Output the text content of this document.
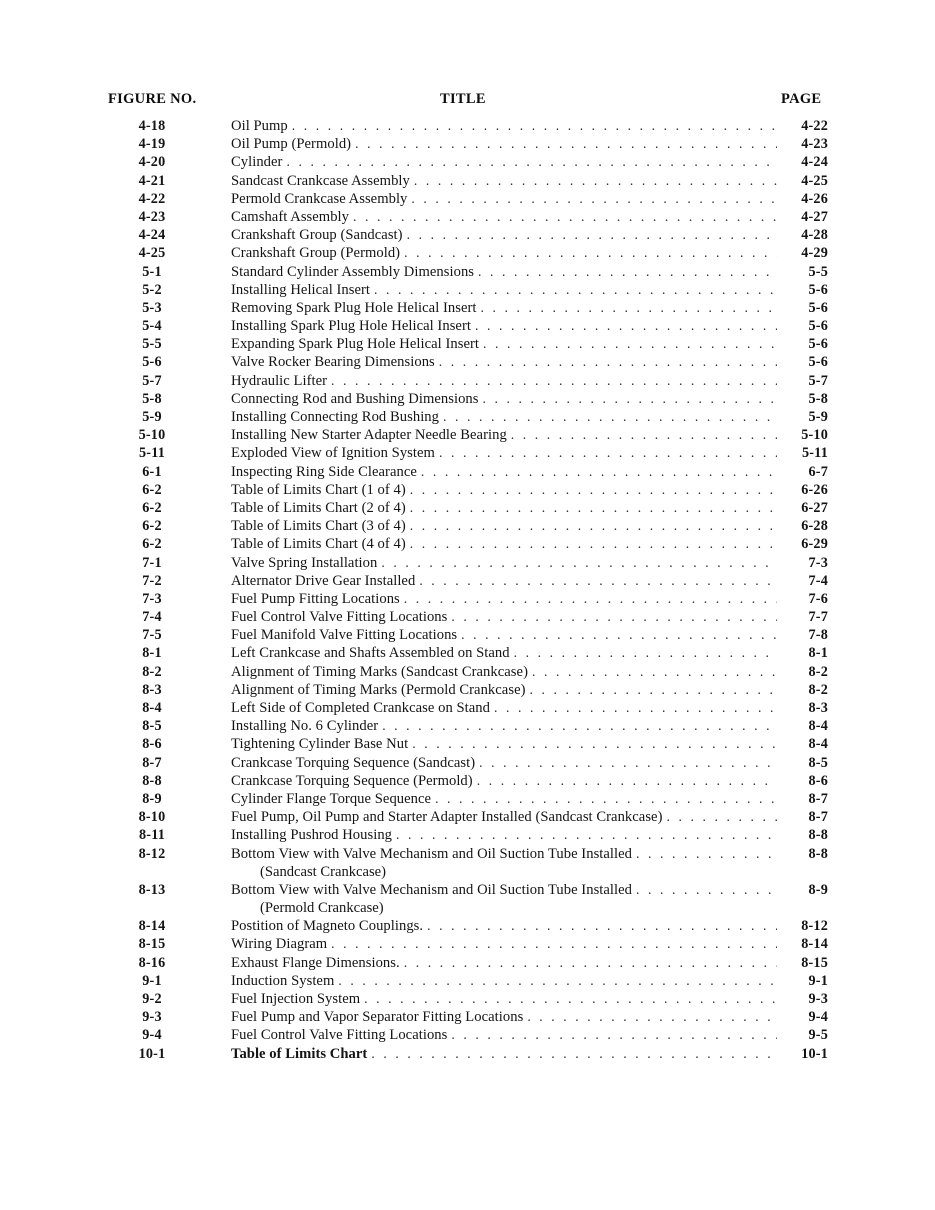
FIGURE NO.	TITLE	PAGE
4-18	Oil Pump . . .	4-22
4-19	Oil Pump (Permold) . . .	4-23
4-20	Cylinder . . .	4-24
4-21	Sandcast Crankcase Assembly . . .	4-25
4-22	Permold Crankcase Assembly . . .	4-26
4-23	Camshaft Assembly . . .	4-27
4-24	Crankshaft Group (Sandcast) . . .	4-28
4-25	Crankshaft Group (Permold) . . .	4-29
5-1	Standard Cylinder Assembly Dimensions . . .	5-5
5-2	Installing Helical Insert . . .	5-6
5-3	Removing Spark Plug Hole Helical Insert . . .	5-6
5-4	Installing Spark Plug Hole Helical Insert . . .	5-6
5-5	Expanding Spark Plug Hole Helical Insert . . .	5-6
5-6	Valve Rocker Bearing Dimensions . . .	5-6
5-7	Hydraulic Lifter . . .	5-7
5-8	Connecting Rod and Bushing Dimensions . . .	5-8
5-9	Installing Connecting Rod Bushing . . .	5-9
5-10	Installing New Starter Adapter Needle Bearing . . .	5-10
5-11	Exploded View of Ignition System . . .	5-11
6-1	Inspecting Ring Side Clearance . . .	6-7
6-2	Table of Limits Chart (1 of 4) . . .	6-26
6-2	Table of Limits Chart (2 of 4) . . .	6-27
6-2	Table of Limits Chart (3 of 4) . . .	6-28
6-2	Table of Limits Chart (4 of 4) . . .	6-29
7-1	Valve Spring Installation . . .	7-3
7-2	Alternator Drive Gear Installed . . .	7-4
7-3	Fuel Pump Fitting Locations . . .	7-6
7-4	Fuel Control Valve Fitting Locations . . .	7-7
7-5	Fuel Manifold Valve Fitting Locations . . .	7-8
8-1	Left Crankcase and Shafts Assembled on Stand . . .	8-1
8-2	Alignment of Timing Marks (Sandcast Crankcase) . . .	8-2
8-3	Alignment of Timing Marks (Permold Crankcase) . . .	8-2
8-4	Left Side of Completed Crankcase on Stand . . .	8-3
8-5	Installing No. 6 Cylinder . . .	8-4
8-6	Tightening Cylinder Base Nut . . .	8-4
8-7	Crankcase Torquing Sequence (Sandcast) . . .	8-5
8-8	Crankcase Torquing Sequence (Permold) . . .	8-6
8-9	Cylinder Flange Torque Sequence . . .	8-7
8-10	Fuel Pump, Oil Pump and Starter Adapter Installed (Sandcast Crankcase) . . .	8-7
8-11	Installing Pushrod Housing . . .	8-8
8-12	Bottom View with Valve Mechanism and Oil Suction Tube Installed . . .	8-8
(Sandcast Crankcase)
8-13	Bottom View with Valve Mechanism and Oil Suction Tube Installed . . .	8-9
(Permold Crankcase)
8-14	Postition of Magneto Couplings. . . .	8-12
8-15	Wiring Diagram . . .	8-14
8-16	Exhaust Flange Dimensions. . . .	8-15
9-1	Induction System . . .	9-1
9-2	Fuel Injection System . . .	9-3
9-3	Fuel Pump and Vapor Separator Fitting Locations . . .	9-4
9-4	Fuel Control Valve Fitting Locations . . .	9-5
10-1	Table of Limits Chart . . .	10-1
